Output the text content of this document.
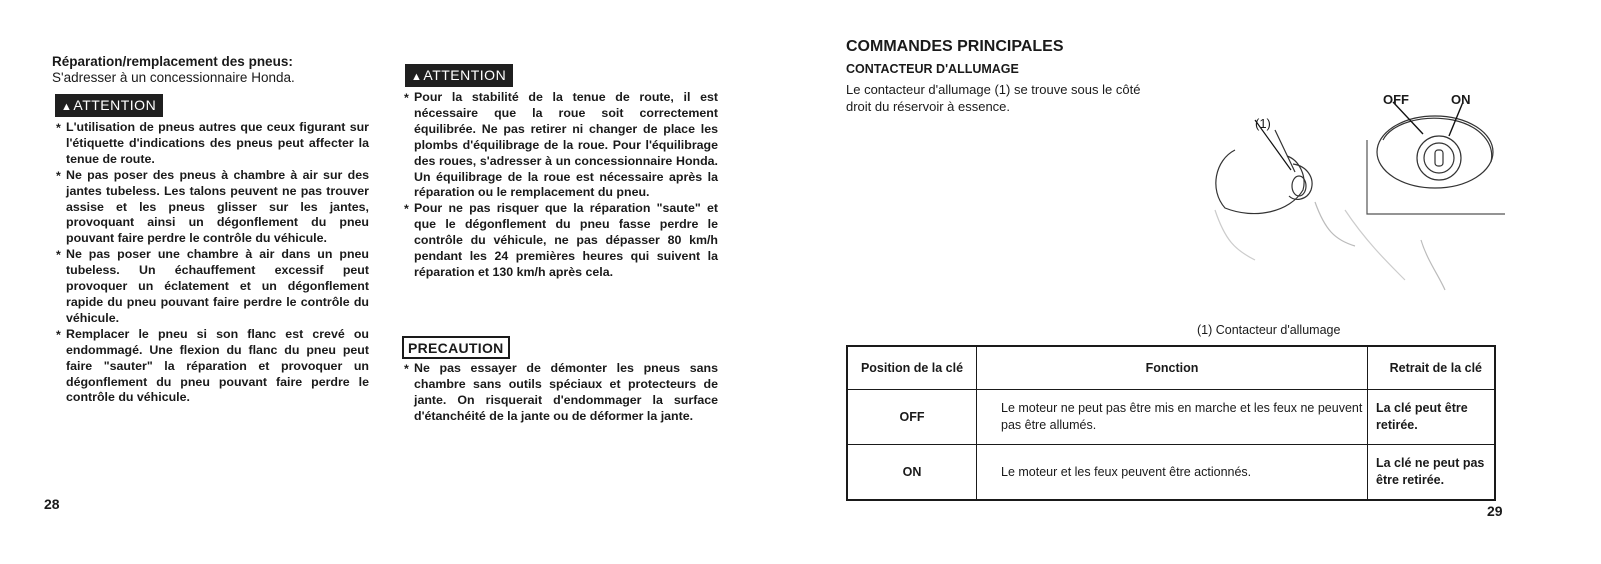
Réparation/remplacement des pneus:
S'adresser à un concessionnaire Honda.
▲ATTENTION
* L'utilisation de pneus autres que ceux figurant sur l'étiquette d'indications des pneus peut affecter la tenue de route.
* Ne pas poser des pneus à chambre à air sur des jantes tubeless. Les talons peuvent ne pas trouver assise et les pneus glisser sur les jantes, provoquant ainsi un dégonflement du pneu pouvant faire perdre le contrôle du véhicule.
* Ne pas poser une chambre à air dans un pneu tubeless. Un échauffement excessif peut provoquer un éclatement et un dégonflement rapide du pneu pouvant faire perdre le contrôle du véhicule.
* Remplacer le pneu si son flanc est crevé ou endommagé. Une flexion du flanc du pneu peut faire "sauter" la réparation et provoquer un dégonflement du pneu pouvant faire perdre le contrôle du véhicule.
▲ATTENTION
* Pour la stabilité de la tenue de route, il est nécessaire que la roue soit correctement équilibrée. Ne pas retirer ni changer de place les plombs d'équilibrage de la roue. Pour l'équilibrage des roues, s'adresser à un concessionnaire Honda. Un équilibrage de la roue est nécessaire après la réparation ou le remplacement du pneu.
* Pour ne pas risquer que la réparation "saute" et que le dégonflement du pneu fasse perdre le contrôle du véhicule, ne pas dépasser 80 km/h pendant les 24 premières heures qui suivent la réparation et 130 km/h après cela.
PRECAUTION
* Ne pas essayer de démonter les pneus sans chambre sans outils spéciaux et protecteurs de jante. On risquerait d'endommager la surface d'étanchéité de la jante ou de déformer la jante.
28
COMMANDES PRINCIPALES
CONTACTEUR D'ALLUMAGE
Le contacteur d'allumage (1) se trouve sous le côté droit du réservoir à essence.
(1)
OFF	ON
(1) Contacteur d'allumage
Position de la clé	Fonction	Retrait de la clé
OFF	Le moteur ne peut pas être mis en marche et les feux ne peuvent pas être allumés.	La clé peut être retirée.
ON	Le moteur et les feux peuvent être actionnés.	La clé ne peut pas être retirée.
29
